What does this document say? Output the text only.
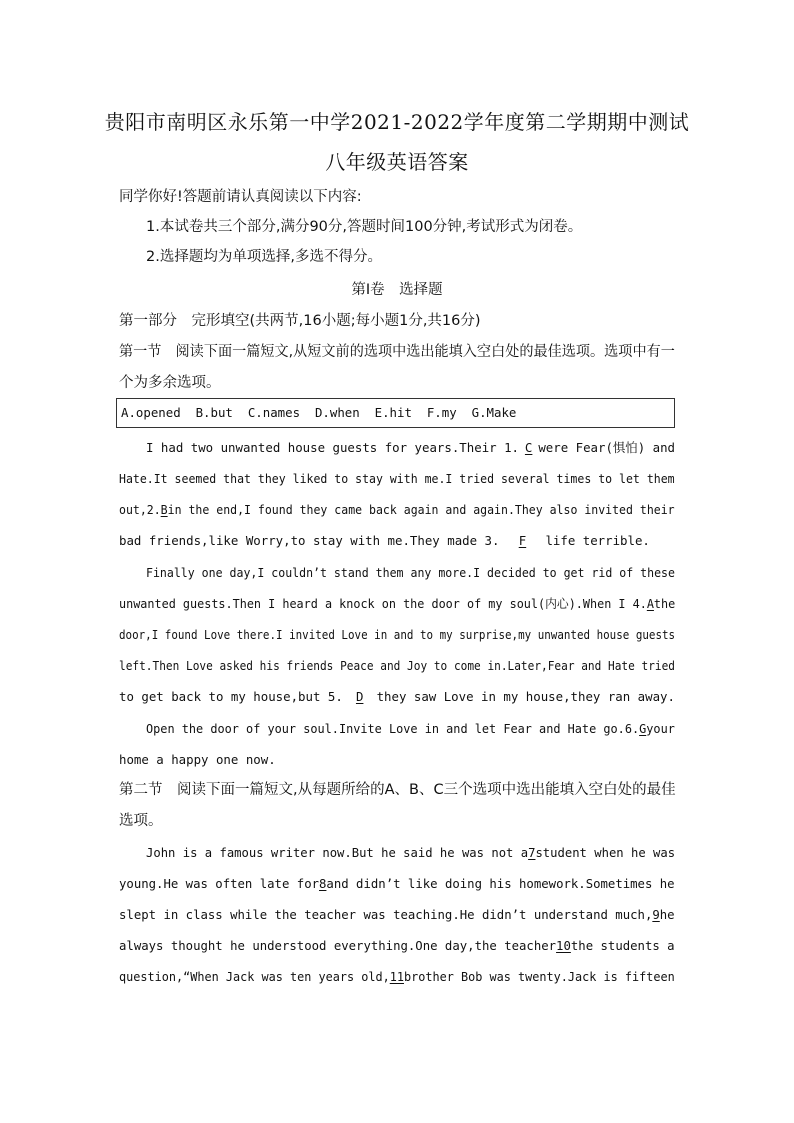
贵阳市南明区永乐第一中学2021-2022学年度第二学期期中测试
八年级英语答案
同学你好!答题前请认真阅读以下内容:
1.本试卷共三个部分,满分90分,答题时间100分钟,考试形式为闭卷。
2.选择题均为单项选择,多选不得分。
第Ⅰ卷　选择题
第一部分　完形填空(共两节,16小题;每小题1分,共16分)
第一节　阅读下面一篇短文,从短文前的选项中选出能填入空白处的最佳选项。选项中有一
个为多余选项。
A.opened  B.but  C.names  D.when  E.hit  F.my  G.Make
I had two unwanted house guests for years.Their 1. C were Fear(惧怕) and
Hate.It seemed that they liked to stay with me.I tried several times to let them
out,2. B in the end,I found they came back again and again.They also invited their
bad friends,like Worry,to stay with me.They made 3.	F	life terrible.
Finally one day,I couldn’t stand them any more.I decided to get rid of these
unwanted guests.Then I heard a knock on the door of my soul(内心).When I 4. A the
door,I found Love there.I invited Love in and to my surprise,my unwanted house guests
left.Then Love asked his friends Peace and Joy to come in.Later,Fear and Hate tried
to get back to my house,but 5.	D	they saw Love in my house,they ran away.
Open the door of your soul.Invite Love in and let Fear and Hate go.6. G your
home a happy one now.
第二节　阅读下面一篇短文,从每题所给的A、B、C三个选项中选出能填入空白处的最佳
选项。
John is a famous writer now.But he said he was not a 7 student when he was
young.He was often late for 8 and didn’t like doing his homework.Sometimes he
slept in class while the teacher was teaching.He didn’t understand much, 9 he
always thought he understood everything.One day,the teacher 10 the students a
question,“When Jack was ten years old, 11 brother Bob was twenty.Jack is fifteen
